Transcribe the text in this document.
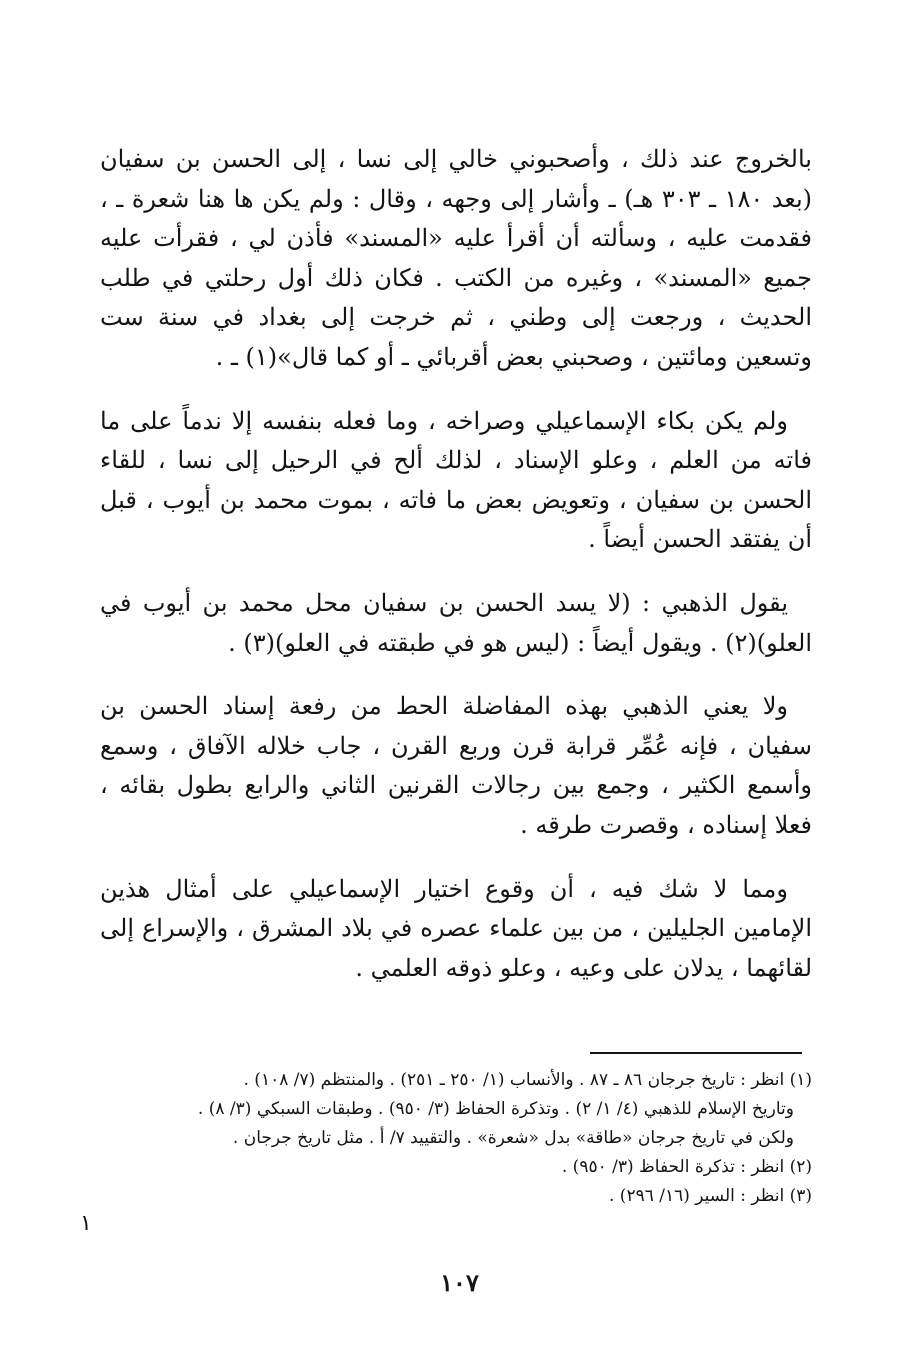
بالخروج عند ذلك ، وأصحبوني خالي إلى نسا ، إلى الحسن بن سفيان (بعد ١٨٠ ـ ٣٠٣ هـ) ـ وأشار إلى وجهه ، وقال : ولم يكن ها هنا شعرة ـ ، فقدمت عليه ، وسألته أن أقرأ عليه «المسند» فأذن لي ، فقرأت عليه جميع «المسند» ، وغيره من الكتب . فكان ذلك أول رحلتي في طلب الحديث ، ورجعت إلى وطني ، ثم خرجت إلى بغداد في سنة ست وتسعين ومائتين ، وصحبني بعض أقربائي ـ أو كما قال»(١) ـ .

ولم يكن بكاء الإسماعيلي وصراخه ، وما فعله بنفسه إلا ندماً على ما فاته من العلم ، وعلو الإسناد ، لذلك ألح في الرحيل إلى نسا ، للقاء الحسن بن سفيان ، وتعويض بعض ما فاته ، بموت محمد بن أيوب ، قبل أن يفتقد الحسن أيضاً .

يقول الذهبي : (لا يسد الحسن بن سفيان محل محمد بن أيوب في العلو)(٢) . ويقول أيضاً : (ليس هو في طبقته في العلو)(٣) .

ولا يعني الذهبي بهذه المفاضلة الحط من رفعة إسناد الحسن بن سفيان ، فإنه عُمِّر قرابة قرن وربع القرن ، جاب خلاله الآفاق ، وسمع وأسمع الكثير ، وجمع بين رجالات القرنين الثاني والرابع بطول بقائه ، فعلا إسناده ، وقصرت طرقه .

ومما لا شك فيه ، أن وقوع اختيار الإسماعيلي على أمثال هذين الإمامين الجليلين ، من بين علماء عصره في بلاد المشرق ، والإسراع إلى لقائهما ، يدلان على وعيه ، وعلو ذوقه العلمي .

(١) انظر : تاريخ جرجان ٨٦ ـ ٨٧ . والأنساب (١/ ٢٥٠ ـ ٢٥١) . والمنتظم (٧/ ١٠٨) .
وتاريخ الإسلام للذهبي (٤/ ١/ ٢) . وتذكرة الحفاظ (٣/ ٩٥٠) . وطبقات السبكي (٣/ ٨) .
ولكن في تاريخ جرجان «طاقة» بدل «شعرة» . والتقييد ٧/ أ . مثل تاريخ جرجان .
(٢) انظر : تذكرة الحفاظ (٣/ ٩٥٠) .
(٣) انظر : السير (١٦/ ٢٩٦) .
١
١٠٧
